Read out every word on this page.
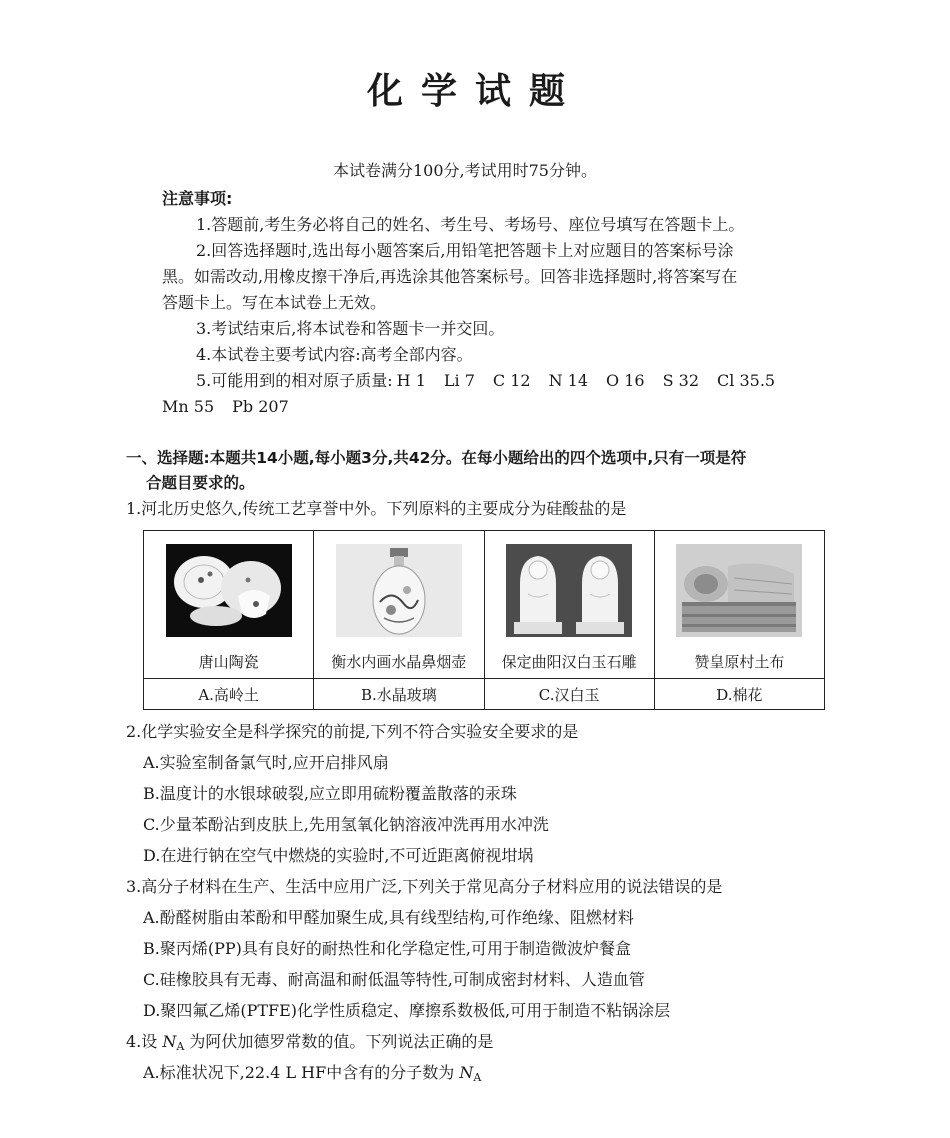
化学试题
本试卷满分100分,考试用时75分钟。
注意事项:
1.答题前,考生务必将自己的姓名、考生号、考场号、座位号填写在答题卡上。
2.回答选择题时,选出每小题答案后,用铅笔把答题卡上对应题目的答案标号涂
黑。如需改动,用橡皮擦干净后,再选涂其他答案标号。回答非选择题时,将答案写在
答题卡上。写在本试卷上无效。
3.考试结束后,将本试卷和答题卡一并交回。
4.本试卷主要考试内容:高考全部内容。
5.可能用到的相对原子质量: H 1 Li 7 C 12 N 14 O 16 S 32 Cl 35.5
Mn 55 Pb 207
一、选择题:本题共14小题,每小题3分,共42分。在每小题给出的四个选项中,只有一项是符
合题目要求的。
1.河北历史悠久,传统工艺享誉中外。下列原料的主要成分为硅酸盐的是
唐山陶瓷	衡水内画水晶鼻烟壶	保定曲阳汉白玉石雕	赞皇原村土布

A.高岭土	B.水晶玻璃	C.汉白玉	D.棉花
2.化学实验安全是科学探究的前提,下列不符合实验安全要求的是
A.实验室制备氯气时,应开启排风扇
B.温度计的水银球破裂,应立即用硫粉覆盖散落的汞珠
C.少量苯酚沾到皮肤上,先用氢氧化钠溶液冲洗再用水冲洗
D.在进行钠在空气中燃烧的实验时,不可近距离俯视坩埚
3.高分子材料在生产、生活中应用广泛,下列关于常见高分子材料应用的说法错误的是
A.酚醛树脂由苯酚和甲醛加聚生成,具有线型结构,可作绝缘、阻燃材料
B.聚丙烯(PP)具有良好的耐热性和化学稳定性,可用于制造微波炉餐盒
C.硅橡胶具有无毒、耐高温和耐低温等特性,可制成密封材料、人造血管
D.聚四氟乙烯(PTFE)化学性质稳定、摩擦系数极低,可用于制造不粘锅涂层
4.设 $N_A$ 为阿伏加德罗常数的值。下列说法正确的是
A.标准状况下,22.4 L HF中含有的分子数为 $N_A$
